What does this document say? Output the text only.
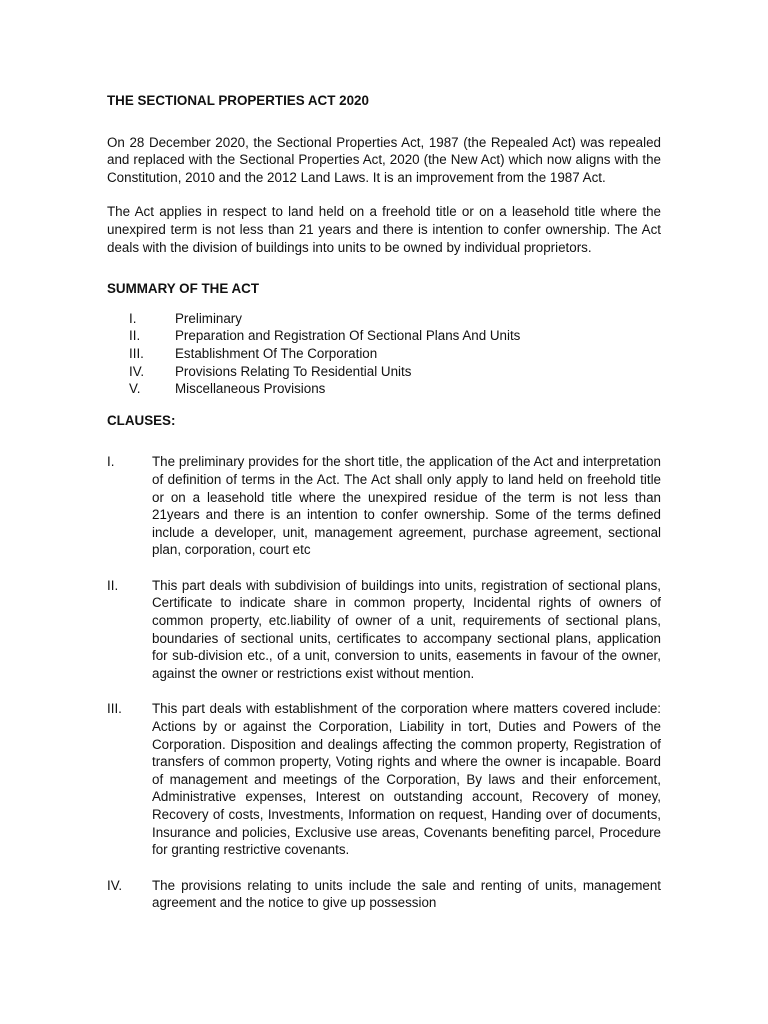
THE SECTIONAL PROPERTIES ACT 2020

On 28 December 2020, the Sectional Properties Act, 1987 (the Repealed Act) was repealed and replaced with the Sectional Properties Act, 2020 (the New Act) which now aligns with the Constitution, 2010 and the 2012 Land Laws. It is an improvement from the 1987 Act.

The Act applies in respect to land held on a freehold title or on a leasehold title where the unexpired term is not less than 21 years and there is intention to confer ownership. The Act deals with the division of buildings into units to be owned by individual proprietors.

SUMMARY OF THE ACT
I.	Preliminary
II.	Preparation and Registration Of Sectional Plans And Units
III.	Establishment Of The Corporation
IV.	Provisions Relating To Residential Units
V.	Miscellaneous Provisions
CLAUSES:
I.	The preliminary provides for the short title, the application of the Act and interpretation of definition of terms in the Act. The Act shall only apply to land held on freehold title or on a leasehold title where the unexpired residue of the term is not less than 21years and there is an intention to confer ownership. Some of the terms defined include a developer, unit, management agreement, purchase agreement, sectional plan, corporation, court etc
II.	This part deals with subdivision of buildings into units, registration of sectional plans, Certificate to indicate share in common property, Incidental rights of owners of common property, etc.liability of owner of a unit, requirements of sectional plans, boundaries of sectional units, certificates to accompany sectional plans, application for sub-division etc., of a unit, conversion to units, easements in favour of the owner, against the owner or restrictions exist without mention.
III.	This part deals with establishment of the corporation where matters covered include: Actions by or against the Corporation, Liability in tort, Duties and Powers of the Corporation. Disposition and dealings affecting the common property, Registration of transfers of common property, Voting rights and where the owner is incapable. Board of management and meetings of the Corporation, By laws and their enforcement, Administrative expenses, Interest on outstanding account, Recovery of money, Recovery of costs, Investments, Information on request, Handing over of documents, Insurance and policies, Exclusive use areas, Covenants benefiting parcel, Procedure for granting restrictive covenants.
IV.	The provisions relating to units include the sale and renting of units, management agreement and the notice to give up possession
